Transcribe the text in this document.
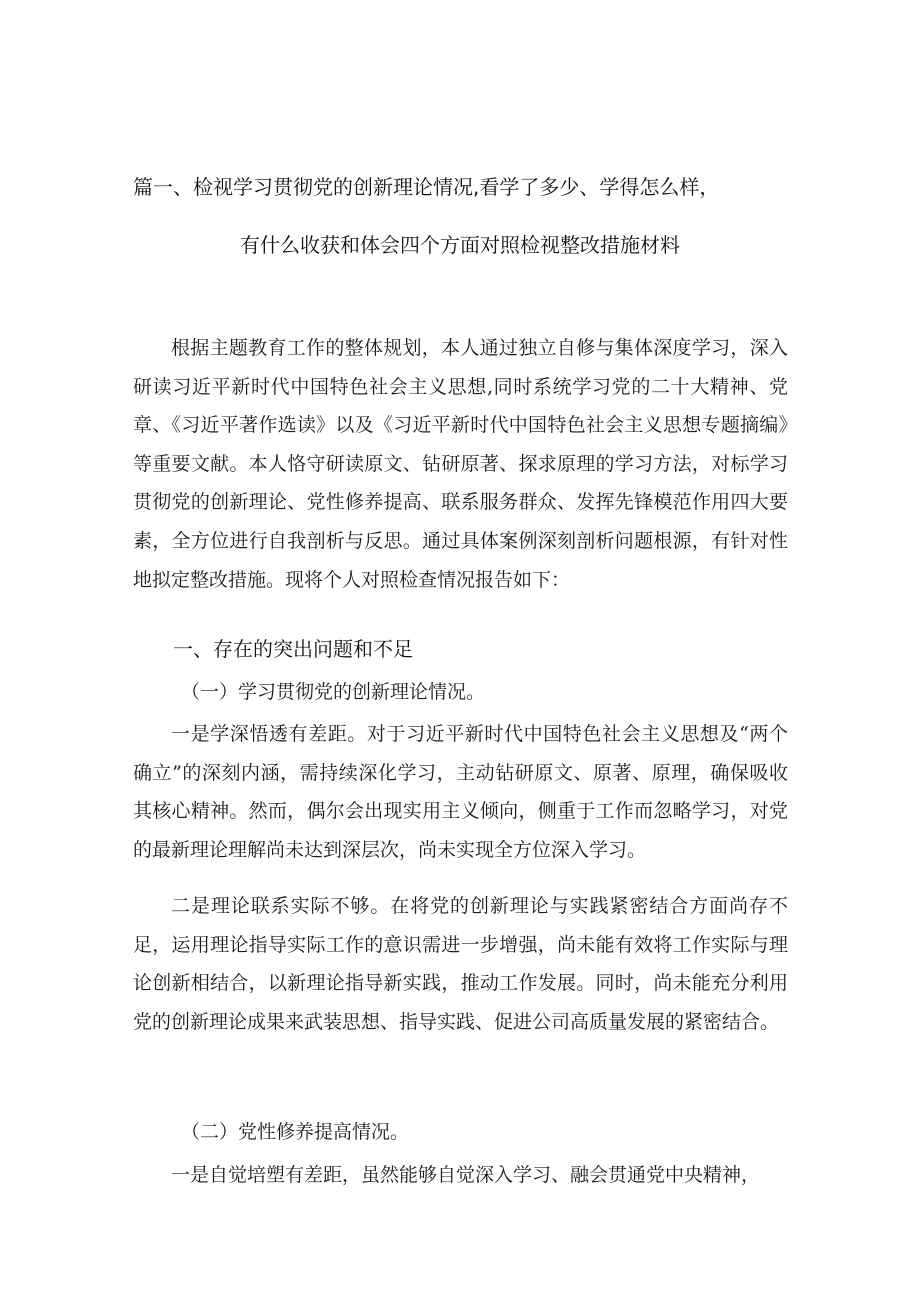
篇一、检视学习贯彻党的创新理论情况,看学了多少、学得怎么样，
有什么收获和体会四个方面对照检视整改措施材料

根据主题教育工作的整体规划，本人通过独立自修与集体深度学习，深入研读习近平新时代中国特色社会主义思想,同时系统学习党的二十大精神、党章、《习近平著作选读》以及《习近平新时代中国特色社会主义思想专题摘编》等重要文献。本人恪守研读原文、钻研原著、探求原理的学习方法，对标学习贯彻党的创新理论、党性修养提高、联系服务群众、发挥先锋模范作用四大要素，全方位进行自我剖析与反思。通过具体案例深刻剖析问题根源，有针对性地拟定整改措施。现将个人对照检查情况报告如下：

一、存在的突出问题和不足

（一）学习贯彻党的创新理论情况。

一是学深悟透有差距。对于习近平新时代中国特色社会主义思想及“两个确立”的深刻内涵，需持续深化学习，主动钻研原文、原著、原理，确保吸收其核心精神。然而，偶尔会出现实用主义倾向，侧重于工作而忽略学习，对党的最新理论理解尚未达到深层次，尚未实现全方位深入学习。

二是理论联系实际不够。在将党的创新理论与实践紧密结合方面尚存不足，运用理论指导实际工作的意识需进一步增强，尚未能有效将工作实际与理论创新相结合，以新理论指导新实践，推动工作发展。同时，尚未能充分利用党的创新理论成果来武装思想、指导实践、促进公司高质量发展的紧密结合。

（二）党性修养提高情况。

一是自觉培塑有差距，虽然能够自觉深入学习、融会贯通党中央精神，
